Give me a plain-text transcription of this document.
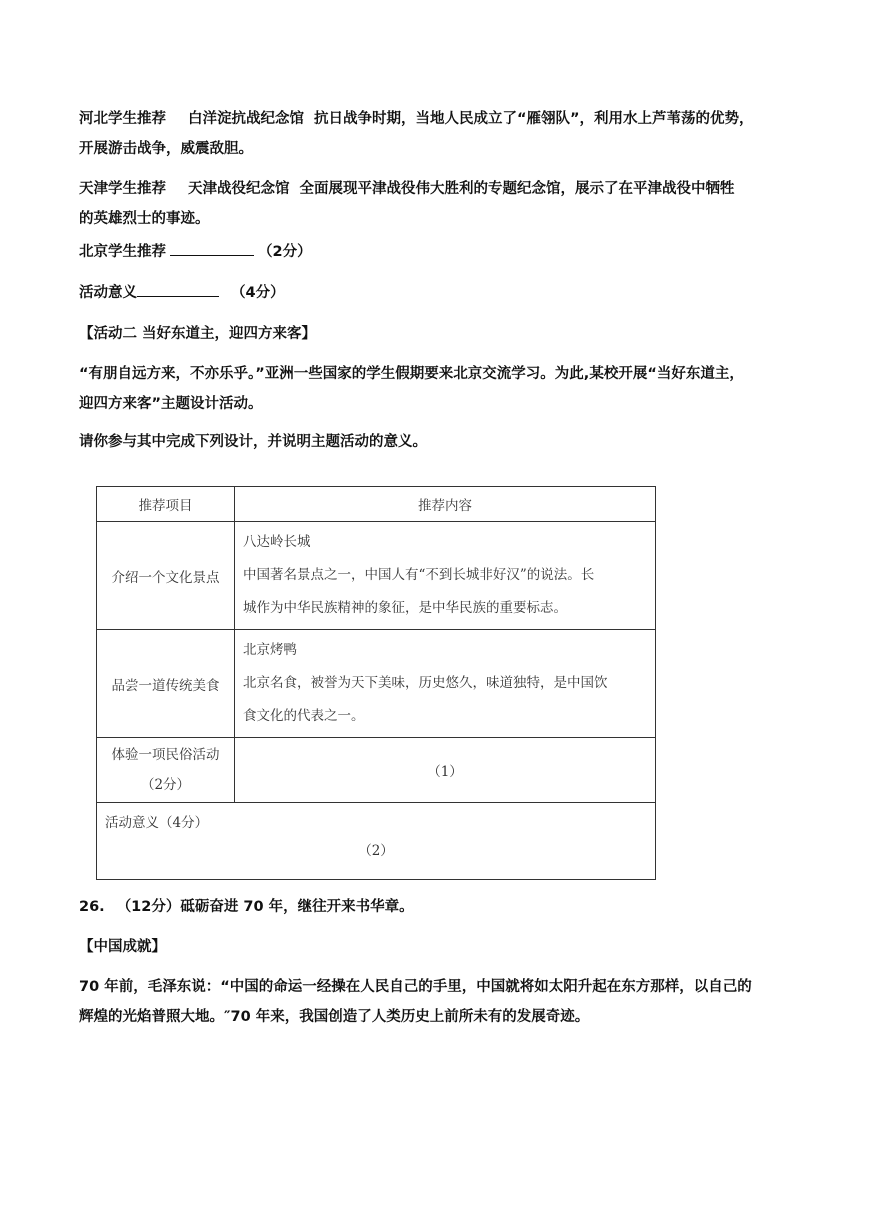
河北学生推荐 白洋淀抗战纪念馆 抗日战争时期，当地人民成立了“雁翎队”，利用水上芦苇荡的优势，
开展游击战争，威震敌胆。
天津学生推荐 天津战役纪念馆 全面展现平津战役伟大胜利的专题纪念馆，展示了在平津战役中牺牲
的英雄烈士的事迹。
北京学生推荐	（2分）
活动意义	（4分）
【活动二 当好东道主，迎四方来客】
“有朋自远方来，不亦乐乎。”亚洲一些国家的学生假期要来北京交流学习。为此,某校开展“当好东道主，
迎四方来客”主题设计活动。
请你参与其中完成下列设计，并说明主题活动的意义。
推荐项目	推荐内容
介绍一个文化景点	八达岭长城
中国著名景点之一，中国人有“不到长城非好汉”的说法。长
城作为中华民族精神的象征，是中华民族的重要标志。

品尝一道传统美食	北京烤鸭
北京名食，被誉为天下美味，历史悠久，味道独特，是中国饮
食文化的代表之一。

体验一项民俗活动
（2分）	（1）

活动意义（4分）
（2）	
26. （12分）砥砺奋进 70 年，继往开来书华章。
【中国成就】
70 年前，毛泽东说：“中国的命运一经操在人民自己的手里，中国就将如太阳升起在东方那样，以自己的
辉煌的光焰普照大地。″70 年来，我国创造了人类历史上前所未有的发展奇迹。
